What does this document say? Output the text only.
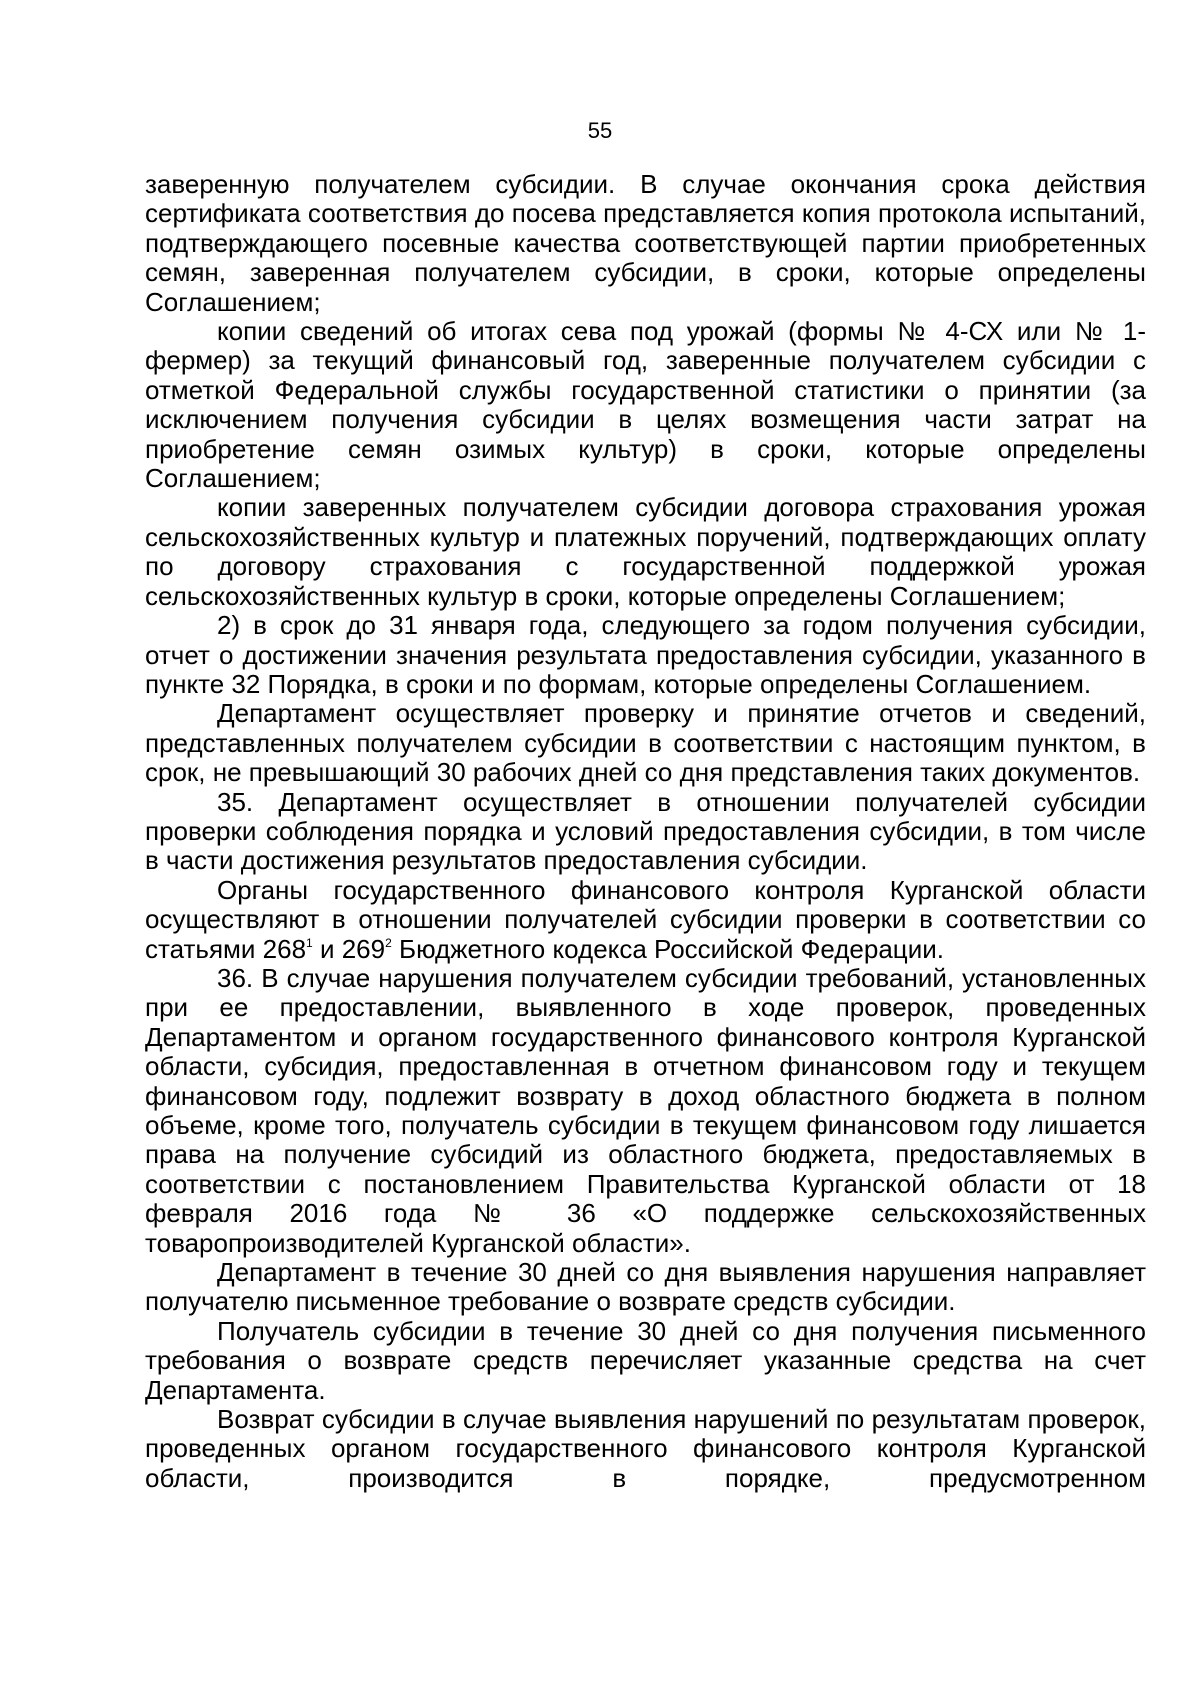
55

заверенную получателем субсидии. В случае окончания срока действия сертификата соответствия до посева представляется копия протокола испытаний, подтверждающего посевные качества соответствующей партии приобретенных семян, заверенная получателем субсидии, в сроки, которые определены Соглашением;

копии сведений об итогах сева под урожай (формы № 4-СХ или № 1-фермер) за текущий финансовый год, заверенные получателем субсидии с отметкой Федеральной службы государственной статистики о принятии (за исключением получения субсидии в целях возмещения части затрат на приобретение семян озимых культур) в сроки, которые определены Соглашением;

копии заверенных получателем субсидии договора страхования урожая сельскохозяйственных культур и платежных поручений, подтверждающих оплату по договору страхования с государственной поддержкой урожая сельскохозяйственных культур в сроки, которые определены Соглашением;

2) в срок до 31 января года, следующего за годом получения субсидии, отчет о достижении значения результата предоставления субсидии, указанного в пункте 32 Порядка, в сроки и по формам, которые определены Соглашением.

Департамент осуществляет проверку и принятие отчетов и сведений, представленных получателем субсидии в соответствии с настоящим пунктом, в срок, не превышающий 30 рабочих дней со дня представления таких документов.

35. Департамент осуществляет в отношении получателей субсидии проверки соблюдения порядка и условий предоставления субсидии, в том числе в части достижения результатов предоставления субсидии.

Органы государственного финансового контроля Курганской области осуществляют в отношении получателей субсидии проверки в соответствии со статьями $268^1$ и $269^2$ Бюджетного кодекса Российской Федерации.

36. В случае нарушения получателем субсидии требований, установленных при ее предоставлении, выявленного в ходе проверок, проведенных Департаментом и органом государственного финансового контроля Курганской области, субсидия, предоставленная в отчетном финансовом году и текущем финансовом году, подлежит возврату в доход областного бюджета в полном объеме, кроме того, получатель субсидии в текущем финансовом году лишается права на получение субсидий из областного бюджета, предоставляемых в соответствии с постановлением Правительства Курганской области от 18 февраля 2016 года № 36 «О поддержке сельскохозяйственных товаропроизводителей Курганской области».

Департамент в течение 30 дней со дня выявления нарушения направляет получателю письменное требование о возврате средств субсидии.

Получатель субсидии в течение 30 дней со дня получения письменного требования о возврате средств перечисляет указанные средства на счет Департамента.

Возврат субсидии в случае выявления нарушений по результатам проверок, проведенных органом государственного финансового контроля Курганской области, производится в порядке, предусмотренном
